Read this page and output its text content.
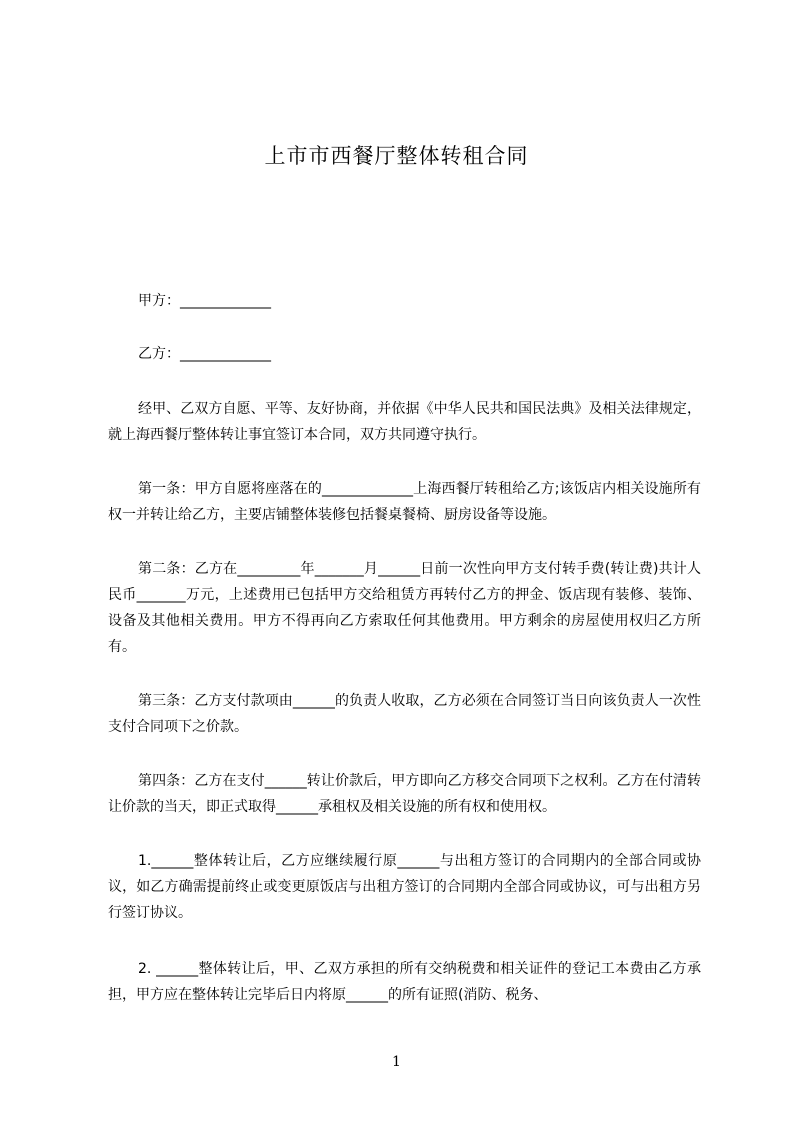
上市市西餐厅整体转租合同
甲方：_____________
乙方：_____________

经甲、乙双方自愿、平等、友好协商，并依据《中华人民共和国民法典》及相关法律规定，就上海西餐厅整体转让事宜签订本合同，双方共同遵守执行。

第一条：甲方自愿将座落在的_____________上海西餐厅转租给乙方;该饭店内相关设施所有权一并转让给乙方，主要店铺整体装修包括餐桌餐椅、厨房设备等设施。

第二条：乙方在_________年_______月______日前一次性向甲方支付转手费(转让费)共计人民币_______万元，上述费用已包括甲方交给租赁方再转付乙方的押金、饭店现有装修、装饰、设备及其他相关费用。甲方不得再向乙方索取任何其他费用。甲方剩余的房屋使用权归乙方所有。

第三条：乙方支付款项由______的负责人收取，乙方必须在合同签订当日向该负责人一次性支付合同项下之价款。

第四条：乙方在支付______转让价款后，甲方即向乙方移交合同项下之权利。乙方在付清转让价款的当天，即正式取得______承租权及相关设施的所有权和使用权。

1.______整体转让后，乙方应继续履行原______与出租方签订的合同期内的全部合同或协议，如乙方确需提前终止或变更原饭店与出租方签订的合同期内全部合同或协议，可与出租方另行签订协议。

2. ______整体转让后，甲、乙双方承担的所有交纳税费和相关证件的登记工本费由乙方承担，甲方应在整体转让完毕后日内将原______的所有证照(消防、税务、

1
